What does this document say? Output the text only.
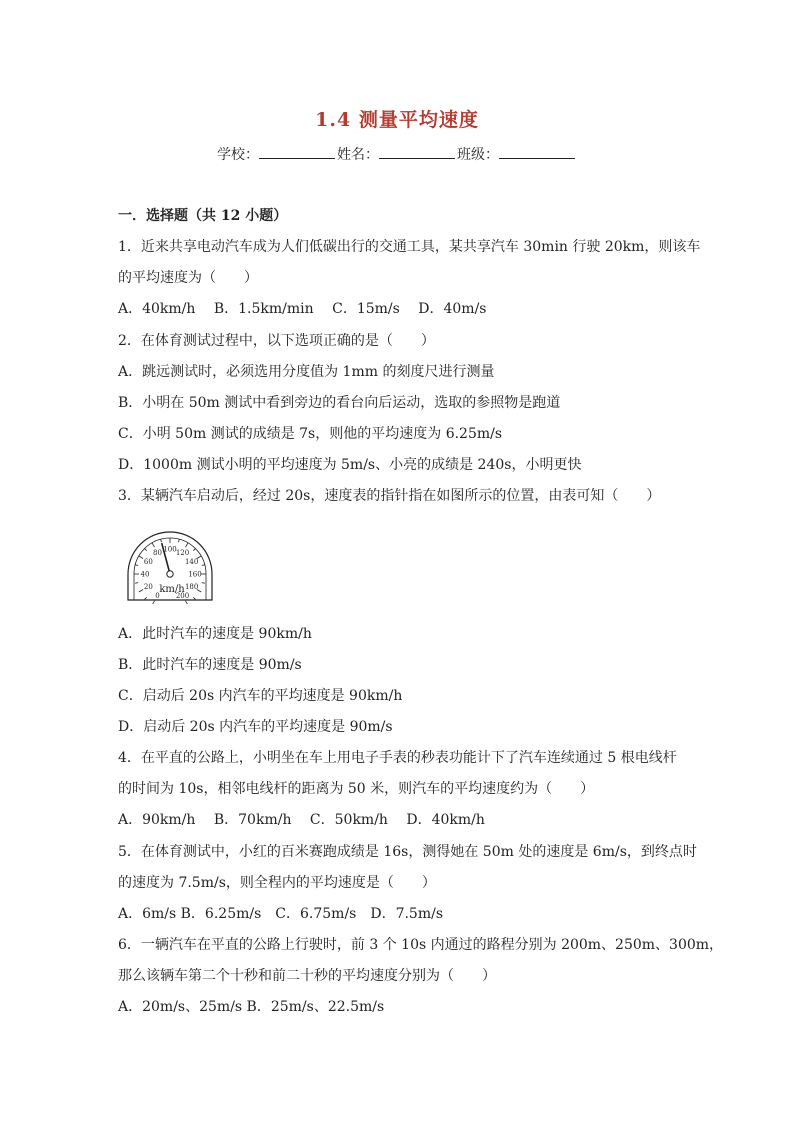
1.4 测量平均速度
学校：	姓名：	班级：
一．选择题（共 12 小题）
1．近来共享电动汽车成为人们低碳出行的交通工具，某共享汽车 30min 行驶 20km，则该车
的平均速度为（　　）
A．40km/h　 B．1.5km/min　 C．15m/s　 D．40m/s
2．在体育测试过程中，以下选项正确的是（　　）
A．跳远测试时，必须选用分度值为 1mm 的刻度尺进行测量
B．小明在 50m 测试中看到旁边的看台向后运动，选取的参照物是跑道
C．小明 50m 测试的成绩是 7s，则他的平均速度为 6.25m/s
D．1000m 测试小明的平均速度为 5m/s、小亮的成绩是 240s，小明更快
3．某辆汽车启动后，经过 20s，速度表的指针指在如图所示的位置，由表可知（　　）
0
20
40
60
80 100 120
140
160
180
200
km/h
A．此时汽车的速度是 90km/h
B．此时汽车的速度是 90m/s
C．启动后 20s 内汽车的平均速度是 90km/h
D．启动后 20s 内汽车的平均速度是 90m/s
4．在平直的公路上，小明坐在车上用电子手表的秒表功能计下了汽车连续通过 5 根电线杆
的时间为 10s，相邻电线杆的距离为 50 米，则汽车的平均速度约为（　　）
A．90km/h　 B．70km/h　 C．50km/h　 D．40km/h
5．在体育测试中，小红的百米赛跑成绩是 16s，测得她在 50m 处的速度是 6m/s，到终点时
的速度为 7.5m/s，则全程内的平均速度是（　　）
A．6m/s B．6.25m/s　C．6.75m/s　D．7.5m/s
6．一辆汽车在平直的公路上行驶时，前 3 个 10s 内通过的路程分别为 200m、250m、300m，
那么该辆车第二个十秒和前二十秒的平均速度分别为（　　）
A．20m/s、25m/s B．25m/s、22.5m/s
